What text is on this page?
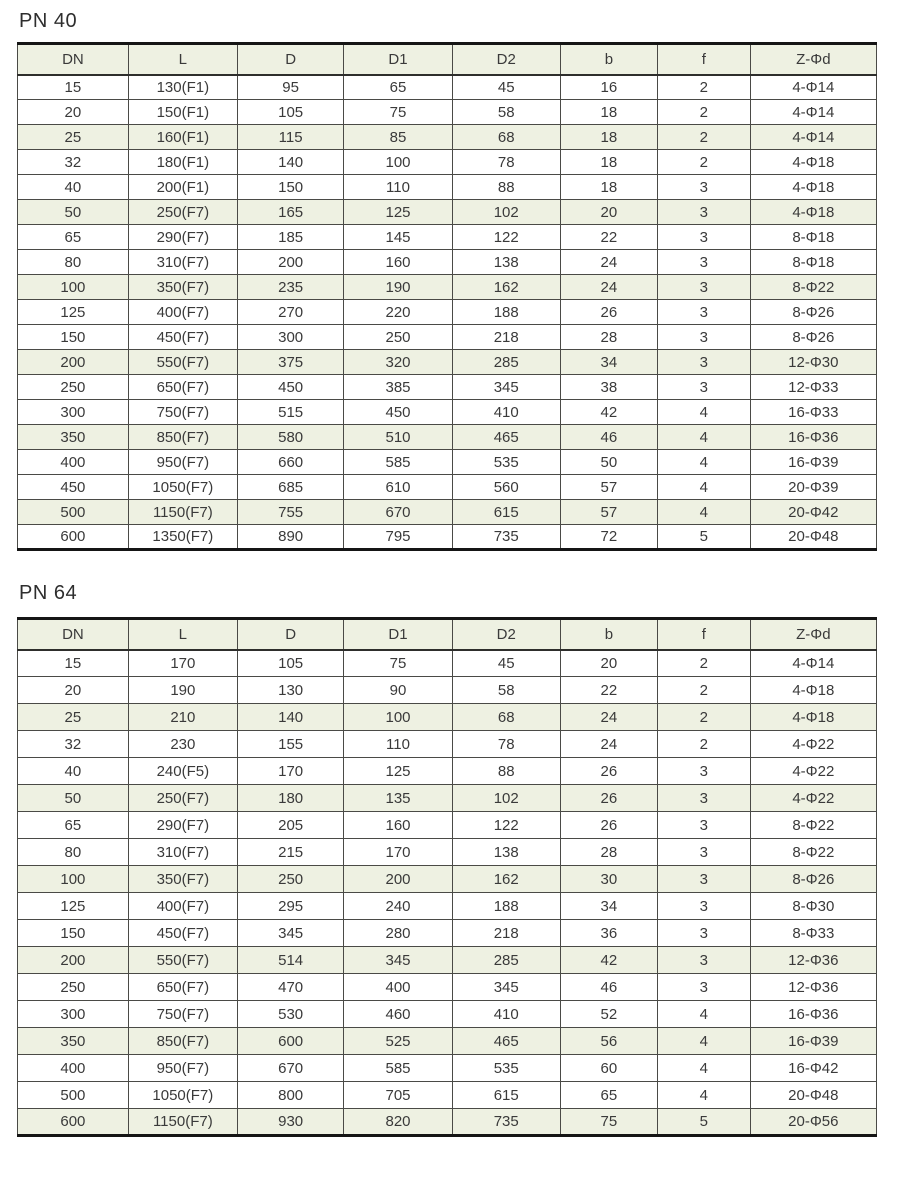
PN 40
DN	L	D	D1	D2	b	f	Z-Φd
15	130(F1)	95	65	45	16	2	4-Φ14
20	150(F1)	105	75	58	18	2	4-Φ14
25	160(F1)	115	85	68	18	2	4-Φ14
32	180(F1)	140	100	78	18	2	4-Φ18
40	200(F1)	150	110	88	18	3	4-Φ18
50	250(F7)	165	125	102	20	3	4-Φ18
65	290(F7)	185	145	122	22	3	8-Φ18
80	310(F7)	200	160	138	24	3	8-Φ18
100	350(F7)	235	190	162	24	3	8-Φ22
125	400(F7)	270	220	188	26	3	8-Φ26
150	450(F7)	300	250	218	28	3	8-Φ26
200	550(F7)	375	320	285	34	3	12-Φ30
250	650(F7)	450	385	345	38	3	12-Φ33
300	750(F7)	515	450	410	42	4	16-Φ33
350	850(F7)	580	510	465	46	4	16-Φ36
400	950(F7)	660	585	535	50	4	16-Φ39
450	1050(F7)	685	610	560	57	4	20-Φ39
500	1150(F7)	755	670	615	57	4	20-Φ42
600	1350(F7)	890	795	735	72	5	20-Φ48
PN 64
DN	L	D	D1	D2	b	f	Z-Φd
15	170	105	75	45	20	2	4-Φ14
20	190	130	90	58	22	2	4-Φ18
25	210	140	100	68	24	2	4-Φ18
32	230	155	110	78	24	2	4-Φ22
40	240(F5)	170	125	88	26	3	4-Φ22
50	250(F7)	180	135	102	26	3	4-Φ22
65	290(F7)	205	160	122	26	3	8-Φ22
80	310(F7)	215	170	138	28	3	8-Φ22
100	350(F7)	250	200	162	30	3	8-Φ26
125	400(F7)	295	240	188	34	3	8-Φ30
150	450(F7)	345	280	218	36	3	8-Φ33
200	550(F7)	514	345	285	42	3	12-Φ36
250	650(F7)	470	400	345	46	3	12-Φ36
300	750(F7)	530	460	410	52	4	16-Φ36
350	850(F7)	600	525	465	56	4	16-Φ39
400	950(F7)	670	585	535	60	4	16-Φ42
500	1050(F7)	800	705	615	65	4	20-Φ48
600	1150(F7)	930	820	735	75	5	20-Φ56
